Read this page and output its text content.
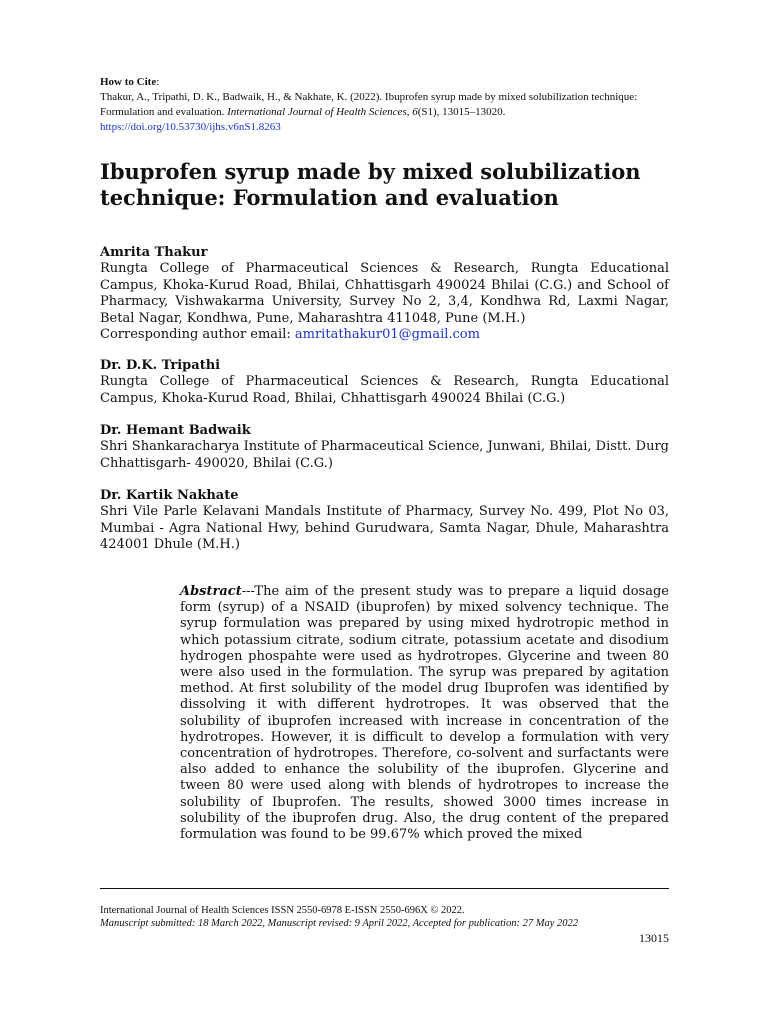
How to Cite:
Thakur, A., Tripathi, D. K., Badwaik, H., & Nakhate, K. (2022). Ibuprofen syrup made by mixed solubilization technique: Formulation and evaluation. International Journal of Health Sciences, 6(S1), 13015–13020. https://doi.org/10.53730/ijhs.v6nS1.8263
Ibuprofen syrup made by mixed solubilization technique: Formulation and evaluation
Amrita Thakur
Rungta College of Pharmaceutical Sciences & Research, Rungta Educational Campus, Khoka-Kurud Road, Bhilai, Chhattisgarh 490024 Bhilai (C.G.) and School of Pharmacy, Vishwakarma University, Survey No 2, 3,4, Kondhwa Rd, Laxmi Nagar, Betal Nagar, Kondhwa, Pune, Maharashtra 411048, Pune (M.H.)
Corresponding author email: amritathakur01@gmail.com
Dr. D.K. Tripathi
Rungta College of Pharmaceutical Sciences & Research, Rungta Educational Campus, Khoka-Kurud Road, Bhilai, Chhattisgarh 490024 Bhilai (C.G.)
Dr. Hemant Badwaik
Shri Shankaracharya Institute of Pharmaceutical Science, Junwani, Bhilai, Distt. Durg Chhattisgarh- 490020, Bhilai (C.G.)
Dr. Kartik Nakhate
Shri Vile Parle Kelavani Mandals Institute of Pharmacy, Survey No. 499, Plot No 03, Mumbai - Agra National Hwy, behind Gurudwara, Samta Nagar, Dhule, Maharashtra 424001 Dhule (M.H.)
Abstract---The aim of the present study was to prepare a liquid dosage form (syrup) of a NSAID (ibuprofen) by mixed solvency technique. The syrup formulation was prepared by using mixed hydrotropic method in which potassium citrate, sodium citrate, potassium acetate and disodium hydrogen phospahte were used as hydrotropes. Glycerine and tween 80 were also used in the formulation. The syrup was prepared by agitation method. At first solubility of the model drug Ibuprofen was identified by dissolving it with different hydrotropes. It was observed that the solubility of ibuprofen increased with increase in concentration of the hydrotropes. However, it is difficult to develop a formulation with very concentration of hydrotropes. Therefore, co-solvent and surfactants were also added to enhance the solubility of the ibuprofen. Glycerine and tween 80 were used along with blends of hydrotropes to increase the solubility of Ibuprofen. The results, showed 3000 times increase in solubility of the ibuprofen drug. Also, the drug content of the prepared formulation was found to be 99.67% which proved the mixed
International Journal of Health Sciences ISSN 2550-6978 E-ISSN 2550-696X © 2022.
Manuscript submitted: 18 March 2022, Manuscript revised: 9 April 2022, Accepted for publication: 27 May 2022
13015
